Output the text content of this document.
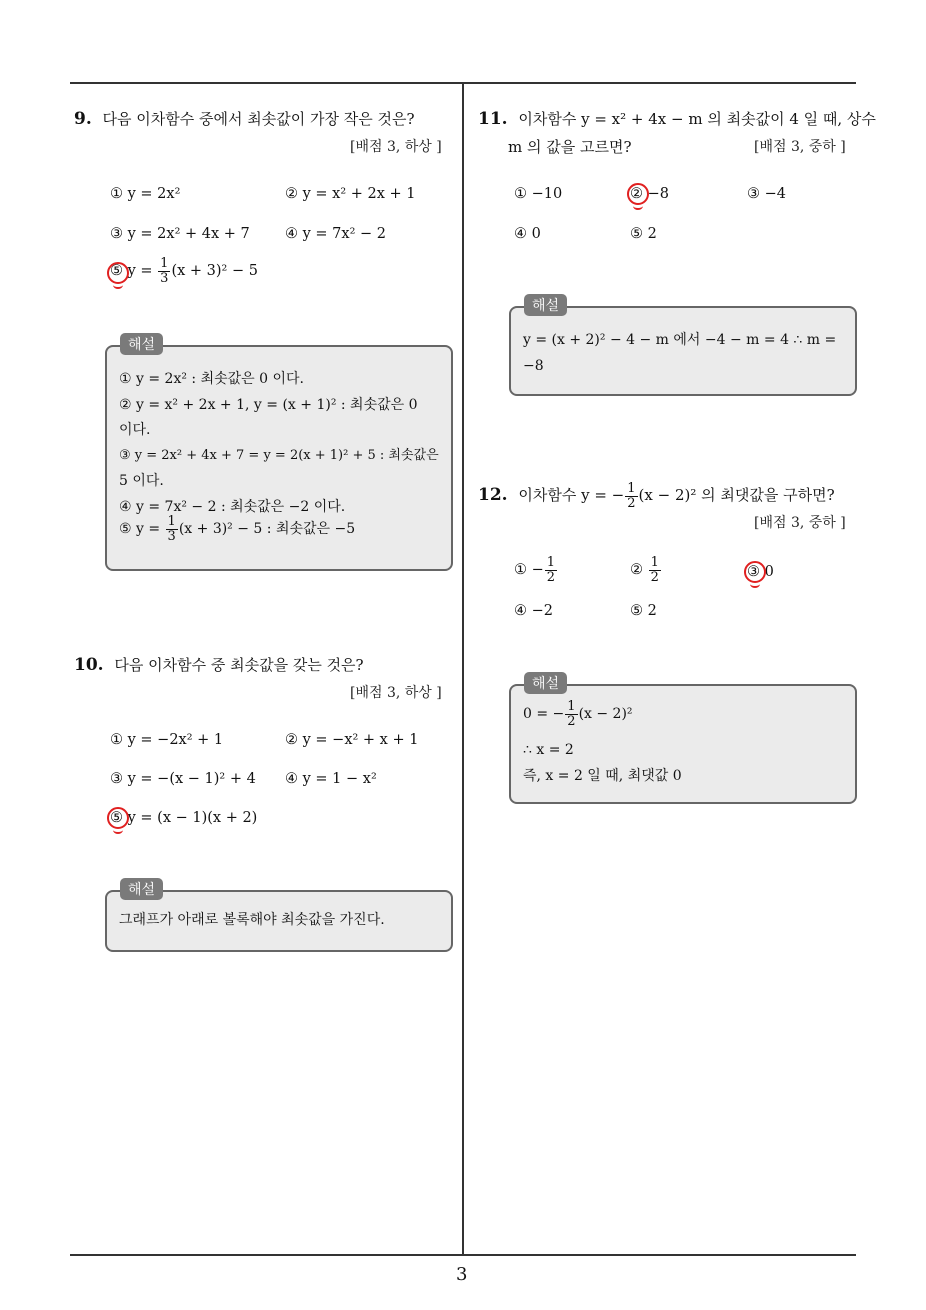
9. 다음 이차함수 중에서 최솟값이 가장 작은 것은?
[배점 3, 하상 ]
① y = 2x²	② y = x² + 2x + 1
③ y = 2x² + 4x + 7 ④ y = 7x² − 2
⑤ $y = \frac{1}{3} (x + 3)^2 - 5$
① y = 2x² : 최솟값은 0 이다.
② y = x² + 2x + 1, y = (x + 1)² : 최솟값은 0
이다.
③ y = 2x² + 4x + 7 = y = 2(x + 1)² + 5 : 최솟값은
5 이다.
④ y = 7x² − 2 : 최솟값은 −2 이다.
⑤ $y = \frac{1}{3} (x + 3)^2 - 5$ : 최솟값은 −5
해설
10. 다음 이차함수 중 최솟값을 갖는 것은?
[배점 3, 하상 ]
① y = −2x² + 1	② y = −x² + x + 1
③ y = −(x − 1)² + 4 ④ y = 1 − x²
⑤ y = (x − 1)(x + 2)
그래프가 아래로 볼록해야 최솟값을 가진다.
해설
11. 이차함수 y = x² + 4x − m 의 최솟값이 4 일 때, 상수
m 의 값을 고르면?	[배점 3, 중하 ]
① −10	② −8	③ −4
④ 0	⑤ 2
y = (x + 2)² − 4 − m 에서 −4 − m = 4 ∴ m =
−8
해설
12. 이차함수 y = − $\frac{1}{2} (x - 2)^2$ 의 최댓값을 구하면?
[배점 3, 중하 ]
① − $\frac{1}{2}$	② $\frac{1}{2}$	③ 0
④ −2	⑤ 2
0 = − $\frac{1}{2} (x - 2)^2$
∴ x = 2
즉, x = 2 일 때, 최댓값 0
해설
3
